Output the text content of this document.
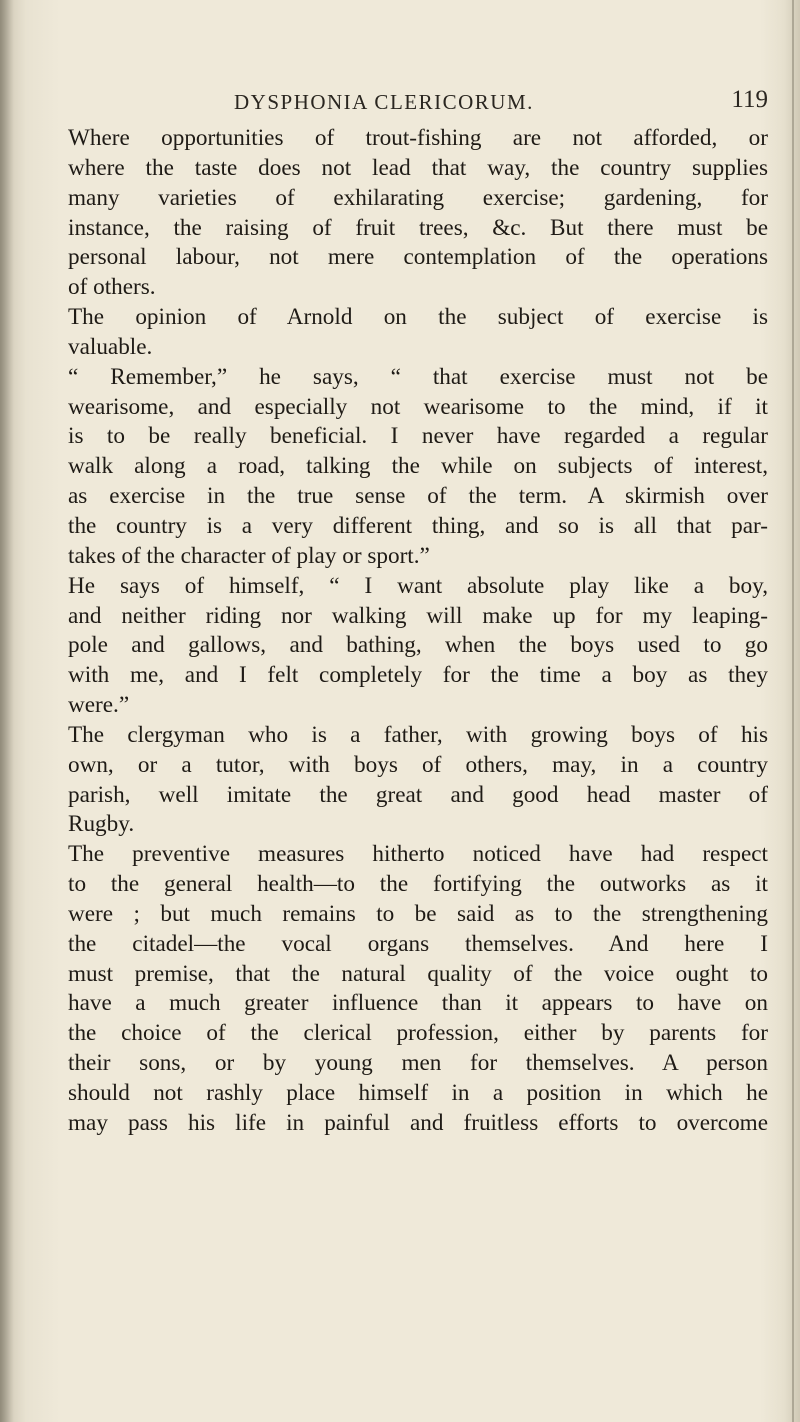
DYSPHONIA CLERICORUM.	119
Where opportunities of trout-fishing are not afforded, or
where the taste does not lead that way, the country supplies
many varieties of exhilarating exercise; gardening, for
instance, the raising of fruit trees, &c. But there must be
personal labour, not mere contemplation of the operations
of others.
The opinion of Arnold on the subject of exercise is
valuable.
“ Remember,” he says, “ that exercise must not be
wearisome, and especially not wearisome to the mind, if it
is to be really beneficial. I never have regarded a regular
walk along a road, talking the while on subjects of interest,
as exercise in the true sense of the term. A skirmish over
the country is a very different thing, and so is all that par-
takes of the character of play or sport.”
He says of himself, “ I want absolute play like a boy,
and neither riding nor walking will make up for my leaping-
pole and gallows, and bathing, when the boys used to go
with me, and I felt completely for the time a boy as they
were.”
The clergyman who is a father, with growing boys of his
own, or a tutor, with boys of others, may, in a country
parish, well imitate the great and good head master of
Rugby.
The preventive measures hitherto noticed have had respect
to the general health—to the fortifying the outworks as it
were ; but much remains to be said as to the strengthening
the citadel—the vocal organs themselves. And here I
must premise, that the natural quality of the voice ought to
have a much greater influence than it appears to have on
the choice of the clerical profession, either by parents for
their sons, or by young men for themselves. A person
should not rashly place himself in a position in which he
may pass his life in painful and fruitless efforts to overcome
